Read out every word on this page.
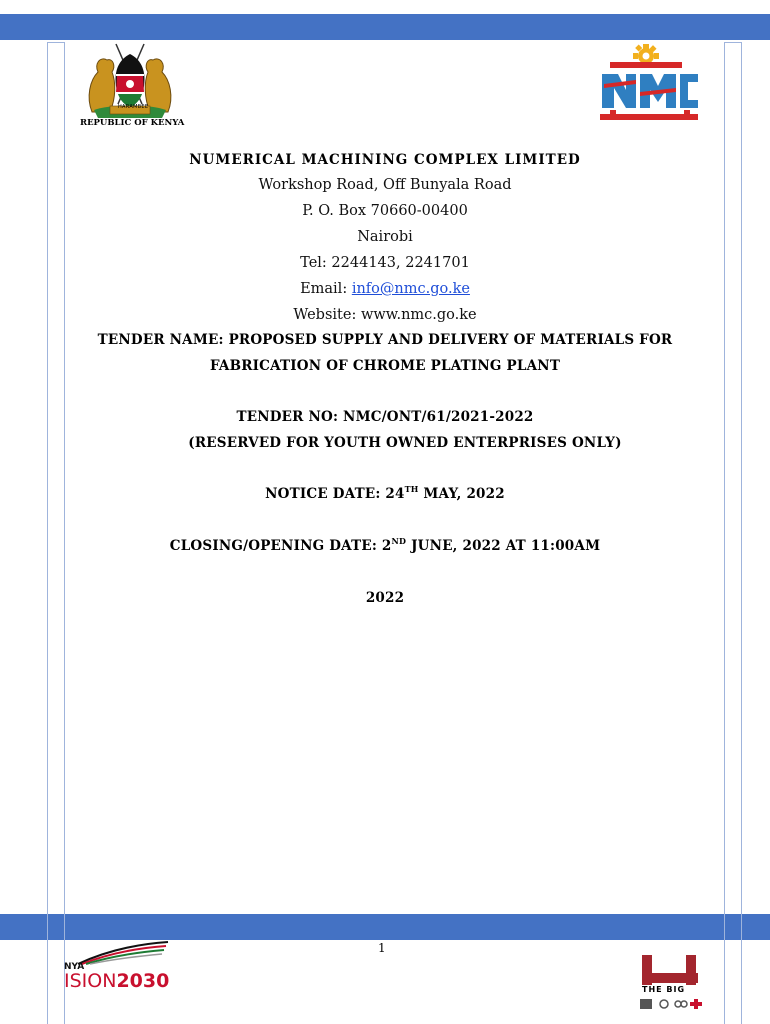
HARAMBEE
REPUBLIC OF KENYA
NUMERICAL MACHINING COMPLEX LIMITED
Workshop Road, Off Bunyala Road
P. O. Box 70660-00400
Nairobi
Tel: 2244143, 2241701
Email: info@nmc.go.ke
Website: www.nmc.go.ke
TENDER NAME: PROPOSED SUPPLY AND DELIVERY OF MATERIALS FOR
FABRICATION OF CHROME PLATING PLANT
TENDER NO: NMC/ONT/61/2021-2022
(RESERVED FOR YOUTH OWNED ENTERPRISES ONLY)
NOTICE DATE: 24TH MAY, 2022
CLOSING/OPENING DATE: 2ND JUNE, 2022 AT 11:00AM
2022
1
NYA
ISION2030	THE BIG
